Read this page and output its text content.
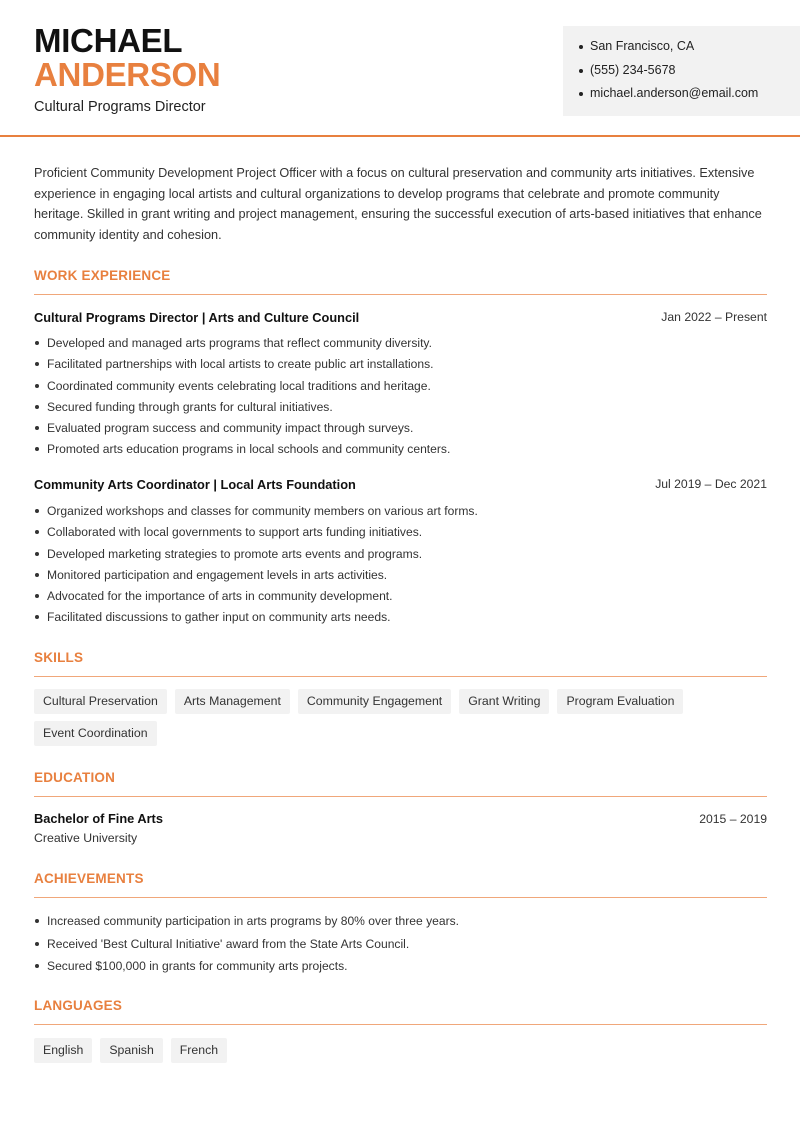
MICHAEL
ANDERSON
Cultural Programs Director
San Francisco, CA
(555) 234-5678
michael.anderson@email.com

Proficient Community Development Project Officer with a focus on cultural preservation and community arts initiatives. Extensive experience in engaging local artists and cultural organizations to develop programs that celebrate and promote community heritage. Skilled in grant writing and project management, ensuring the successful execution of arts-based initiatives that enhance community identity and cohesion.

WORK EXPERIENCE
Cultural Programs Director | Arts and Culture Council	Jan 2022 – Present
Developed and managed arts programs that reflect community diversity.
Facilitated partnerships with local artists to create public art installations.
Coordinated community events celebrating local traditions and heritage.
Secured funding through grants for cultural initiatives.
Evaluated program success and community impact through surveys.
Promoted arts education programs in local schools and community centers.
Community Arts Coordinator | Local Arts Foundation	Jul 2019 – Dec 2021
Organized workshops and classes for community members on various art forms.
Collaborated with local governments to support arts funding initiatives.
Developed marketing strategies to promote arts events and programs.
Monitored participation and engagement levels in arts activities.
Advocated for the importance of arts in community development.
Facilitated discussions to gather input on community arts needs.
SKILLS
Cultural Preservation	Arts Management	Community Engagement	Grant Writing	Program Evaluation
Event Coordination
EDUCATION
Bachelor of Fine Arts	2015 – 2019
Creative University
ACHIEVEMENTS
Increased community participation in arts programs by 80% over three years.
Received 'Best Cultural Initiative' award from the State Arts Council.
Secured $100,000 in grants for community arts projects.
LANGUAGES
English	Spanish	French
